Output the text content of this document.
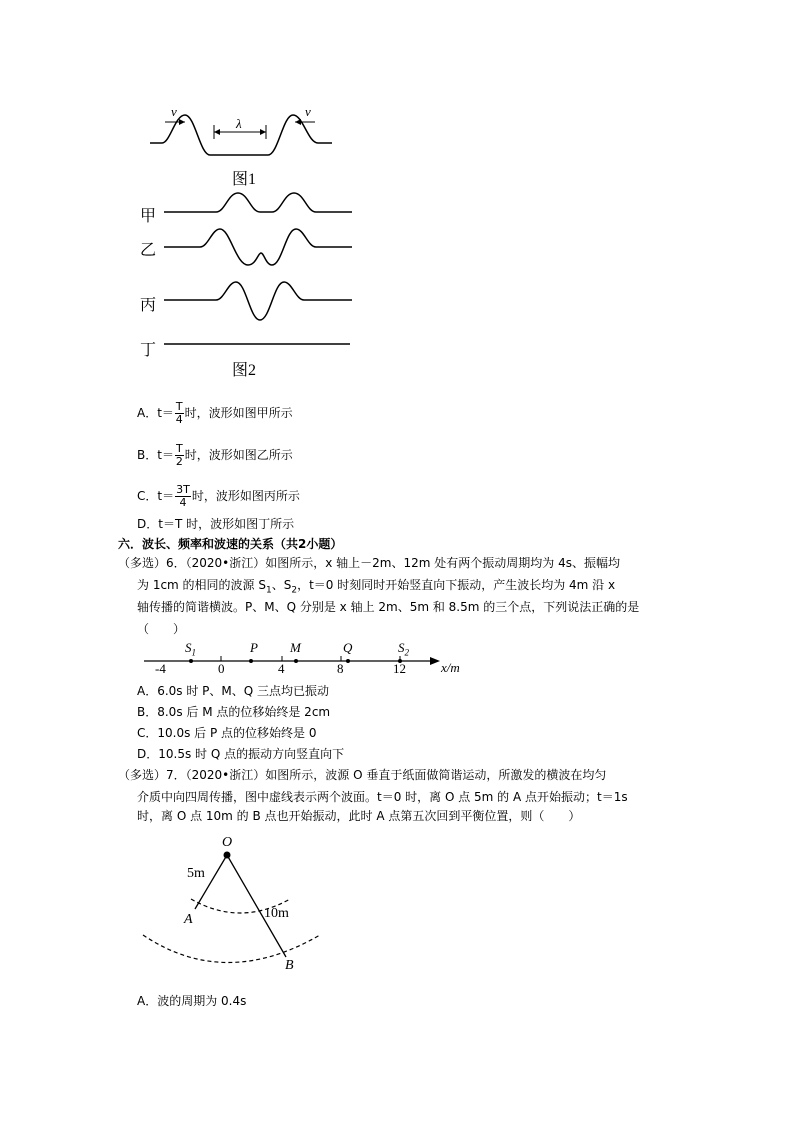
v	v
λ
图1
甲
乙
丙
丁
图2
A．$t= \frac{T}{4}$ 时，波形如图甲所示
B．$t= \frac{T}{2}$ 时，波形如图乙所示
C．$t= \frac{3T}{4}$ 时，波形如图丙所示
D．t＝T 时，波形如图丁所示
六．波长、频率和波速的关系（共2小题）
（多选）6．（2020•浙江）如图所示，x 轴上－2m、12m 处有两个振动周期均为 4s、振幅均
为 1cm 的相同的波源 $S_1$、$S_2$，t＝0 时刻同时开始竖直向下振动，产生波长均为 4m 沿 x
轴传播的简谐横波。P、M、Q 分别是 x 轴上 2m、5m 和 8.5m 的三个点，下列说法正确的是
（　　）
$S_1$	P M	Q	$S_2$
-4	0	4	8	12	x/m
A．6.0s 时 P、M、Q 三点均已振动
B．8.0s 后 M 点的位移始终是 2cm
C．10.0s 后 P 点的位移始终是 0
D．10.5s 时 Q 点的振动方向竖直向下
（多选）7．（2020•浙江）如图所示，波源 O 垂直于纸面做简谐运动，所激发的横波在均匀
介质中向四周传播，图中虚线表示两个波面。t＝0 时，离 O 点 5m 的 A 点开始振动；t＝1s
时，离 O 点 10m 的 B 点也开始振动，此时 A 点第五次回到平衡位置，则（　　）
O
5m
A	10m
B
A．波的周期为 0.4s
